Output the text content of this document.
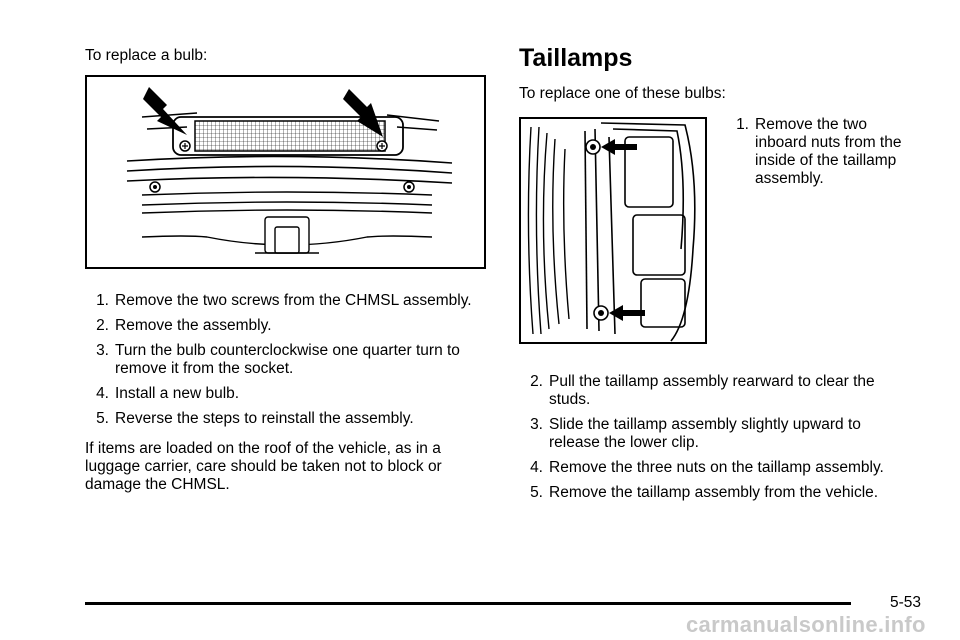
To replace a bulb:
1. Remove the two screws from the CHMSL assembly.
2. Remove the assembly.
3. Turn the bulb counterclockwise one quarter turn to remove it from the socket.
4. Install a new bulb.
5. Reverse the steps to reinstall the assembly.
If items are loaded on the roof of the vehicle, as in a luggage carrier, care should be taken not to block or damage the CHMSL.
Taillamps
To replace one of these bulbs:
1. Remove the two inboard nuts from the inside of the taillamp assembly.
2. Pull the taillamp assembly rearward to clear the studs.
3. Slide the taillamp assembly slightly upward to release the lower clip.
4. Remove the three nuts on the taillamp assembly.
5. Remove the taillamp assembly from the vehicle.
5-53
carmanualsonline.info
